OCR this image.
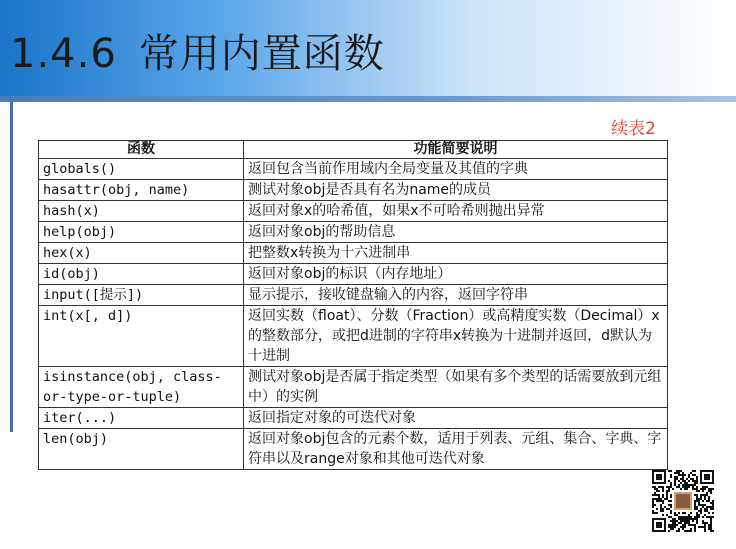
1.4.6 常用内置函数
续表2
函数	功能简要说明
globals()	返回包含当前作用域内全局变量及其值的字典
hasattr(obj, name)	测试对象obj是否具有名为name的成员
hash(x)	返回对象x的哈希值，如果x不可哈希则抛出异常
help(obj)	返回对象obj的帮助信息
hex(x)	把整数x转换为十六进制串
id(obj)	返回对象obj的标识（内存地址）
input([提示])	显示提示，接收键盘输入的内容，返回字符串
int(x[, d])	返回实数（float）、分数（Fraction）或高精度实数（Decimal）x的整数部分，或把d进制的字符串x转换为十进制并返回，d默认为十进制
isinstance(obj, class-or-type-or-tuple)	测试对象obj是否属于指定类型（如果有多个类型的话需要放到元组中）的实例
iter(...)	返回指定对象的可迭代对象
len(obj)	返回对象obj包含的元素个数，适用于列表、元组、集合、字典、字符串以及range对象和其他可迭代对象
